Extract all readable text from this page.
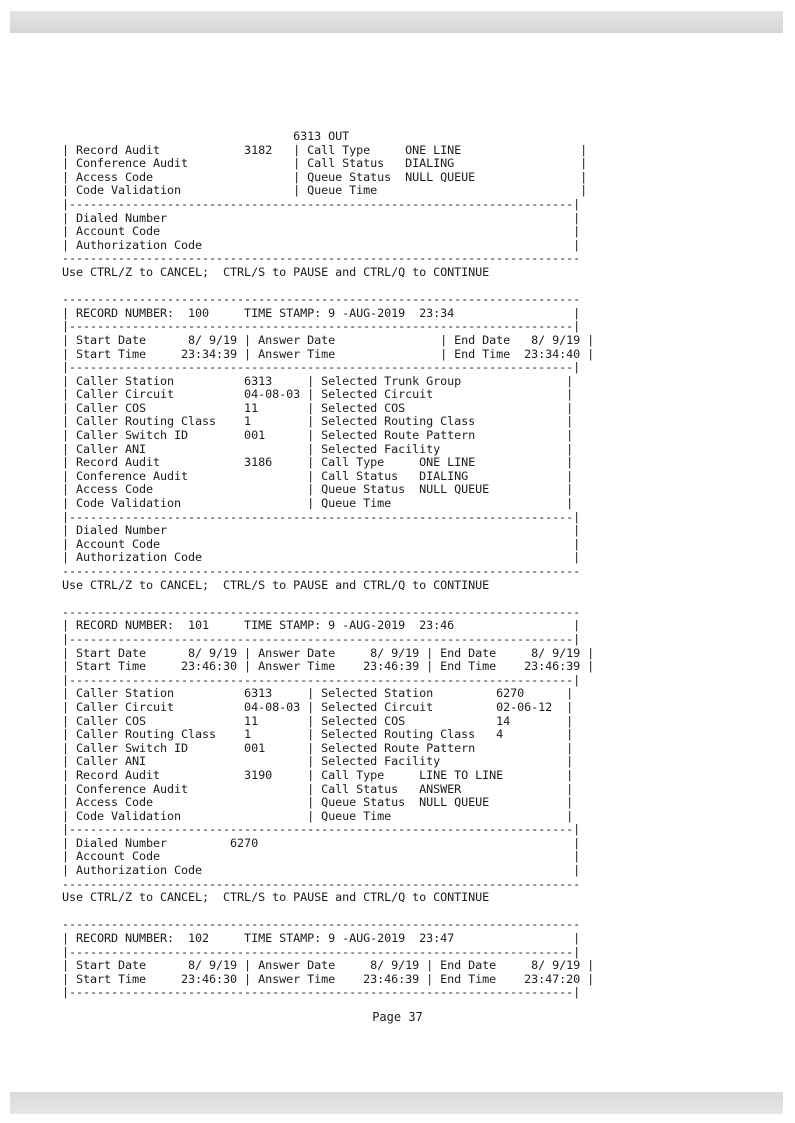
6313 OUT
| Record Audit            3182   | Call Type     ONE LINE                 |
| Conference Audit               | Call Status   DIALING                  |
| Access Code                    | Queue Status  NULL QUEUE               |
| Code Validation                | Queue Time                             |
|------------------------------------------------------------------------|
| Dialed Number                                                          |
| Account Code                                                           |
| Authorization Code                                                     |
--------------------------------------------------------------------------
Use CTRL/Z to CANCEL;  CTRL/S to PAUSE and CTRL/Q to CONTINUE

--------------------------------------------------------------------------
| RECORD NUMBER:  100     TIME STAMP: 9 -AUG-2019  23:34                 |
|------------------------------------------------------------------------|
| Start Date      8/ 9/19 | Answer Date               | End Date   8/ 9/19 |
| Start Time     23:34:39 | Answer Time               | End Time  23:34:40 |
|------------------------------------------------------------------------|
| Caller Station          6313     | Selected Trunk Group               |
| Caller Circuit          04-08-03 | Selected Circuit                   |
| Caller COS              11       | Selected COS                       |
| Caller Routing Class    1        | Selected Routing Class             |
| Caller Switch ID        001      | Selected Route Pattern             |
| Caller ANI                       | Selected Facility                  |
| Record Audit            3186     | Call Type     ONE LINE             |
| Conference Audit                 | Call Status   DIALING              |
| Access Code                      | Queue Status  NULL QUEUE           |
| Code Validation                  | Queue Time                         |
|------------------------------------------------------------------------|
| Dialed Number                                                          |
| Account Code                                                           |
| Authorization Code                                                     |
--------------------------------------------------------------------------
Use CTRL/Z to CANCEL;  CTRL/S to PAUSE and CTRL/Q to CONTINUE

--------------------------------------------------------------------------
| RECORD NUMBER:  101     TIME STAMP: 9 -AUG-2019  23:46                 |
|------------------------------------------------------------------------|
| Start Date      8/ 9/19 | Answer Date     8/ 9/19 | End Date     8/ 9/19 |
| Start Time     23:46:30 | Answer Time    23:46:39 | End Time    23:46:39 |
|------------------------------------------------------------------------|
| Caller Station          6313     | Selected Station         6270      |
| Caller Circuit          04-08-03 | Selected Circuit         02-06-12  |
| Caller COS              11       | Selected COS             14        |
| Caller Routing Class    1        | Selected Routing Class   4         |
| Caller Switch ID        001      | Selected Route Pattern             |
| Caller ANI                       | Selected Facility                  |
| Record Audit            3190     | Call Type     LINE TO LINE         |
| Conference Audit                 | Call Status   ANSWER               |
| Access Code                      | Queue Status  NULL QUEUE           |
| Code Validation                  | Queue Time                         |
|------------------------------------------------------------------------|
| Dialed Number         6270                                             |
| Account Code                                                           |
| Authorization Code                                                     |
--------------------------------------------------------------------------
Use CTRL/Z to CANCEL;  CTRL/S to PAUSE and CTRL/Q to CONTINUE

--------------------------------------------------------------------------
| RECORD NUMBER:  102     TIME STAMP: 9 -AUG-2019  23:47                 |
|------------------------------------------------------------------------|
| Start Date      8/ 9/19 | Answer Date     8/ 9/19 | End Date     8/ 9/19 |
| Start Time     23:46:30 | Answer Time    23:46:39 | End Time    23:47:20 |
|------------------------------------------------------------------------|

Page 37
